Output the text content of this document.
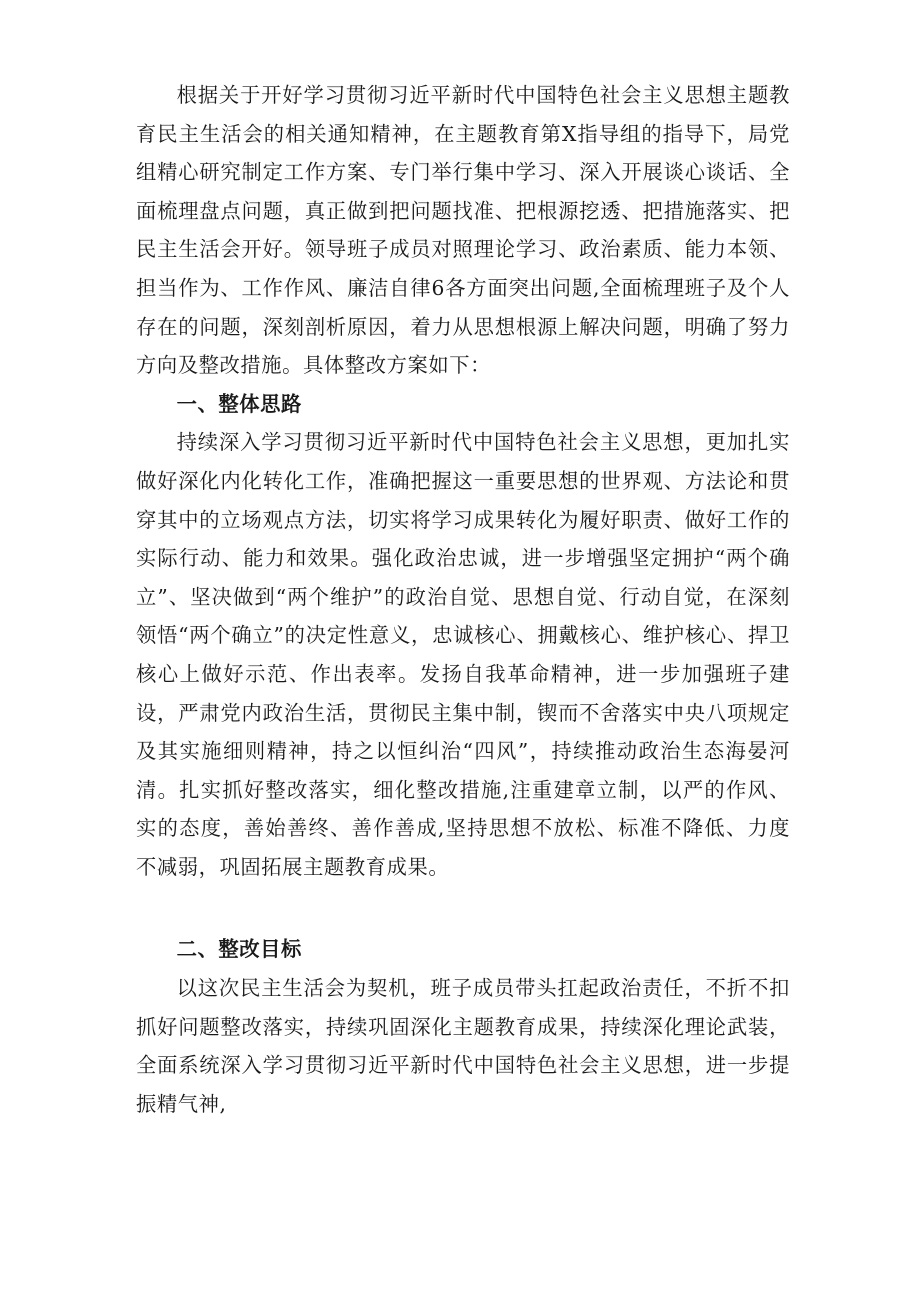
根据关于开好学习贯彻习近平新时代中国特色社会主义思想主题教育民主生活会的相关通知精神，在主题教育第X指导组的指导下，局党组精心研究制定工作方案、专门举行集中学习、深入开展谈心谈话、全面梳理盘点问题，真正做到把问题找准、把根源挖透、把措施落实、把民主生活会开好。领导班子成员对照理论学习、政治素质、能力本领、担当作为、工作作风、廉洁自律6各方面突出问题,全面梳理班子及个人存在的问题，深刻剖析原因，着力从思想根源上解决问题，明确了努力方向及整改措施。具体整改方案如下：

一、整体思路

持续深入学习贯彻习近平新时代中国特色社会主义思想，更加扎实做好深化内化转化工作，准确把握这一重要思想的世界观、方法论和贯穿其中的立场观点方法，切实将学习成果转化为履好职责、做好工作的实际行动、能力和效果。强化政治忠诚，进一步增强坚定拥护“两个确立”、坚决做到“两个维护”的政治自觉、思想自觉、行动自觉，在深刻领悟“两个确立”的决定性意义，忠诚核心、拥戴核心、维护核心、捍卫核心上做好示范、作出表率。发扬自我革命精神，进一步加强班子建设，严肃党内政治生活，贯彻民主集中制，锲而不舍落实中央八项规定及其实施细则精神，持之以恒纠治“四风”，持续推动政治生态海晏河清。扎实抓好整改落实，细化整改措施,注重建章立制，以严的作风、实的态度，善始善终、善作善成,坚持思想不放松、标准不降低、力度不减弱，巩固拓展主题教育成果。

二、整改目标

以这次民主生活会为契机，班子成员带头扛起政治责任，不折不扣抓好问题整改落实，持续巩固深化主题教育成果，持续深化理论武装，全面系统深入学习贯彻习近平新时代中国特色社会主义思想，进一步提振精气神,
